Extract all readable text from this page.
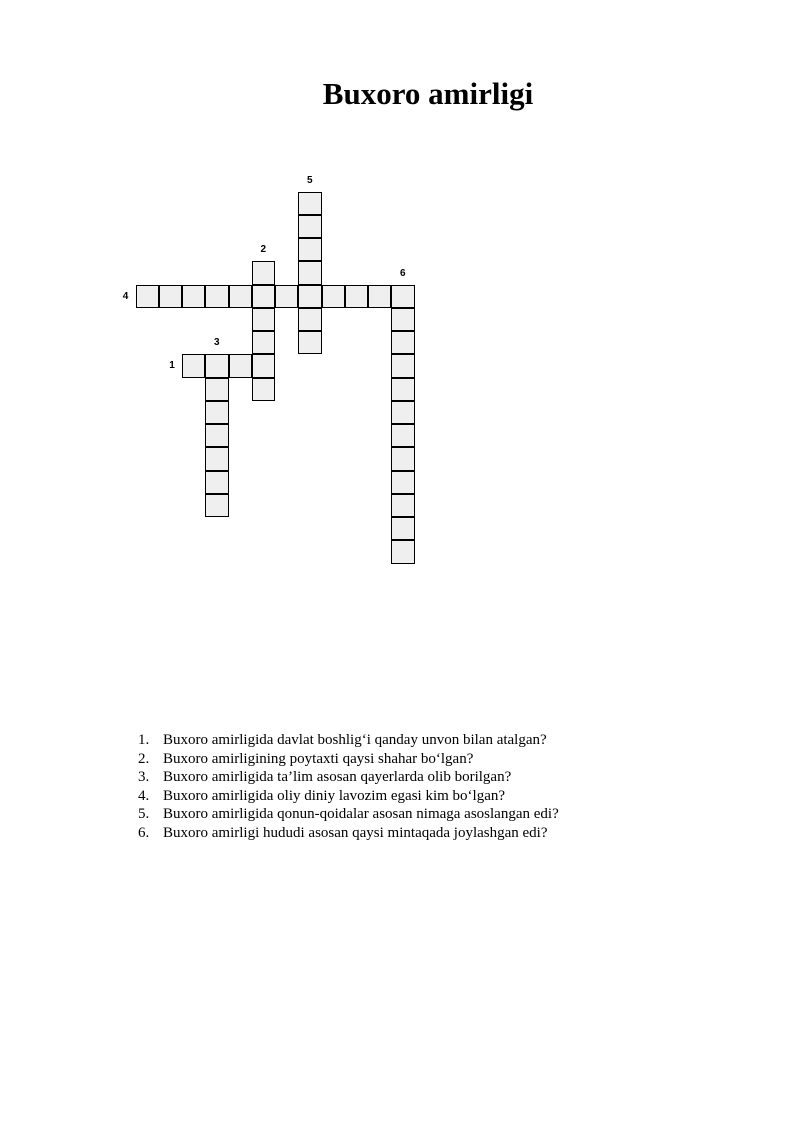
Buxoro amirligi
1
2
3
4
5
6
1. Buxoro amirligida davlat boshlig‘i qanday unvon bilan atalgan?
2. Buxoro amirligining poytaxti qaysi shahar bo‘lgan?
3. Buxoro amirligida ta’lim asosan qayerlarda olib borilgan?
4. Buxoro amirligida oliy diniy lavozim egasi kim bo‘lgan?
5. Buxoro amirligida qonun-qoidalar asosan nimaga asoslangan edi?
6. Buxoro amirligi hududi asosan qaysi mintaqada joylashgan edi?
